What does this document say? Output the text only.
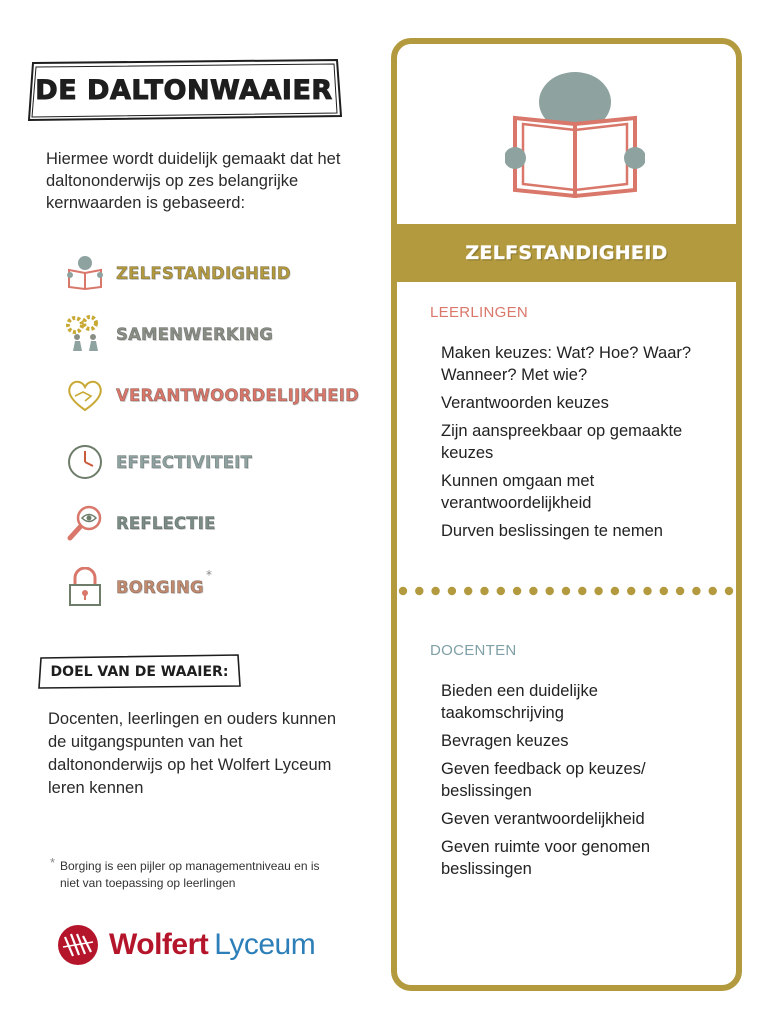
DE DALTONWAAIER
Hiermee wordt duidelijk gemaakt dat het daltononderwijs op zes belangrijke kernwaarden is gebaseerd:
ZELFSTANDIGHEID
SAMENWERKING
VERANTWOORDELIJKHEID
EFFECTIVITEIT
REFLECTIE
BORGING
*
DOEL VAN DE WAAIER:
Docenten, leerlingen en ouders kunnen de uitgangspunten van het daltononderwijs op het Wolfert Lyceum leren kennen
* Borging is een pijler op managementniveau en is niet van toepassing op leerlingen
Wolfert Lyceum
ZELFSTANDIGHEID
LEERLINGEN
Maken keuzes: Wat? Hoe? Waar? Wanneer? Met wie?
Verantwoorden keuzes
Zijn aanspreekbaar op gemaakte keuzes
Kunnen omgaan met verantwoordelijkheid
Durven beslissingen te nemen
DOCENTEN
Bieden een duidelijke taakomschrijving
Bevragen keuzes
Geven feedback op keuzes/ beslissingen
Geven verantwoordelijkheid
Geven ruimte voor genomen beslissingen
